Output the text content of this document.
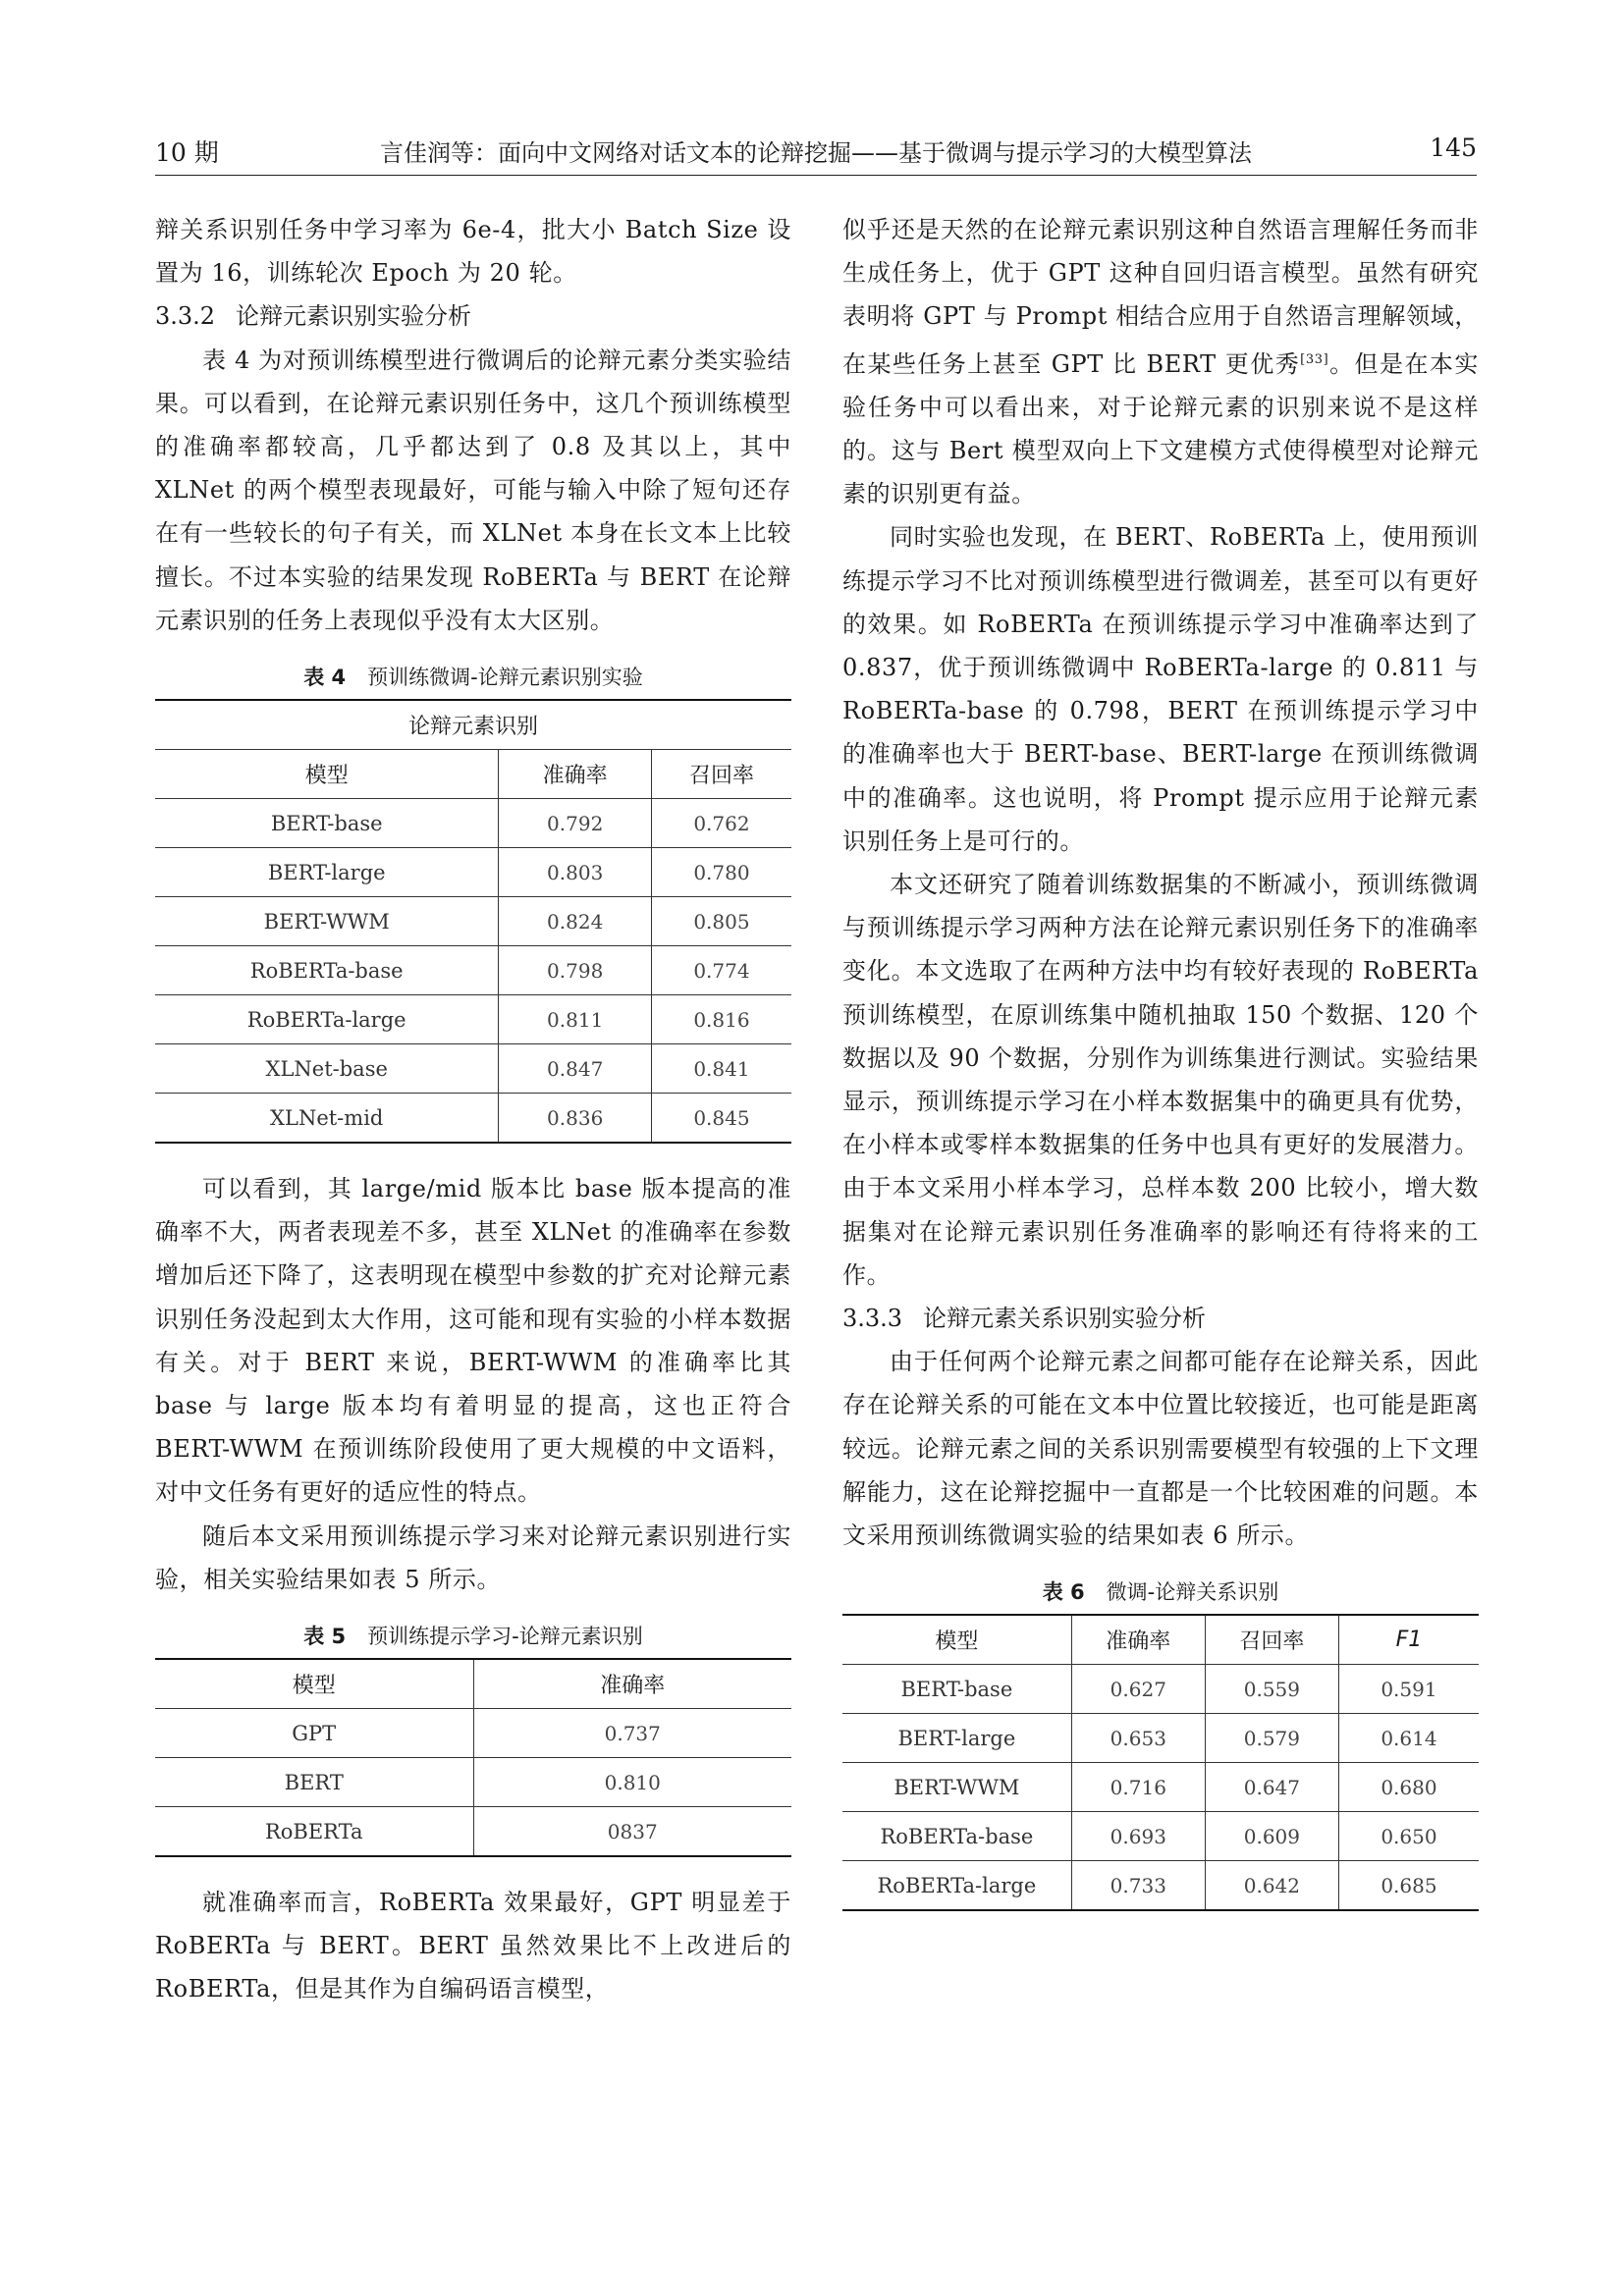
10 期	言佳润等：面向中文网络对话文本的论辩挖掘——基于微调与提示学习的大模型算法	145

辩关系识别任务中学习率为 6e-4，批大小 Batch Size 设置为 16，训练轮次 Epoch 为 20 轮。

3.3.2 论辩元素识别实验分析

表 4 为对预训练模型进行微调后的论辩元素分类实验结果。可以看到，在论辩元素识别任务中，这几个预训练模型的准确率都较高，几乎都达到了 0.8 及其以上，其中 XLNet 的两个模型表现最好，可能与输入中除了短句还存在有一些较长的句子有关，而 XLNet 本身在长文本上比较擅长。不过本实验的结果发现 RoBERTa 与 BERT 在论辩元素识别的任务上表现似乎没有太大区别。

表 4 预训练微调-论辩元素识别实验
论辩元素识别		
模型	准确率	召回率
BERT-base	0.792	0.762
BERT-large	0.803	0.780
BERT-WWM	0.824	0.805
RoBERTa-base	0.798	0.774
RoBERTa-large	0.811	0.816
XLNet-base	0.847	0.841
XLNet-mid	0.836	0.845

可以看到，其 large/mid 版本比 base 版本提高的准确率不大，两者表现差不多，甚至 XLNet 的准确率在参数增加后还下降了，这表明现在模型中参数的扩充对论辩元素识别任务没起到太大作用，这可能和现有实验的小样本数据有关。对于 BERT 来说，BERT-WWM 的准确率比其 base 与 large 版本均有着明显的提高，这也正符合 BERT-WWM 在预训练阶段使用了更大规模的中文语料，对中文任务有更好的适应性的特点。

随后本文采用预训练提示学习来对论辩元素识别进行实验，相关实验结果如表 5 所示。

表 5 预训练提示学习-论辩元素识别
模型	准确率
GPT	0.737
BERT	0.810
RoBERTa	0837

就准确率而言，RoBERTa 效果最好，GPT 明显差于 RoBERTa 与 BERT。BERT 虽然效果比不上改进后的 RoBERTa，但是其作为自编码语言模型，

似乎还是天然的在论辩元素识别这种自然语言理解任务而非生成任务上，优于 GPT 这种自回归语言模型。虽然有研究表明将 GPT 与 Prompt 相结合应用于自然语言理解领域，在某些任务上甚至 GPT 比 BERT 更优秀[33]。但是在本实验任务中可以看出来，对于论辩元素的识别来说不是这样的。这与 Bert 模型双向上下文建模方式使得模型对论辩元素的识别更有益。

同时实验也发现，在 BERT、RoBERTa 上，使用预训练提示学习不比对预训练模型进行微调差，甚至可以有更好的效果。如 RoBERTa 在预训练提示学习中准确率达到了 0.837，优于预训练微调中 RoBERTa-large 的 0.811 与 RoBERTa-base 的 0.798，BERT 在预训练提示学习中的准确率也大于 BERT-base、BERT-large 在预训练微调中的准确率。这也说明，将 Prompt 提示应用于论辩元素识别任务上是可行的。

本文还研究了随着训练数据集的不断减小，预训练微调与预训练提示学习两种方法在论辩元素识别任务下的准确率变化。本文选取了在两种方法中均有较好表现的 RoBERTa 预训练模型，在原训练集中随机抽取 150 个数据、120 个数据以及 90 个数据，分别作为训练集进行测试。实验结果显示，预训练提示学习在小样本数据集中的确更具有优势，在小样本或零样本数据集的任务中也具有更好的发展潜力。由于本文采用小样本学习，总样本数 200 比较小，增大数据集对在论辩元素识别任务准确率的影响还有待将来的工作。

3.3.3 论辩元素关系识别实验分析

由于任何两个论辩元素之间都可能存在论辩关系，因此存在论辩关系的可能在文本中位置比较接近，也可能是距离较远。论辩元素之间的关系识别需要模型有较强的上下文理解能力，这在论辩挖掘中一直都是一个比较困难的问题。本文采用预训练微调实验的结果如表 6 所示。

表 6 微调-论辩关系识别
模型	准确率	召回率	F1
BERT-base	0.627	0.559	0.591
BERT-large	0.653	0.579	0.614
BERT-WWM	0.716	0.647	0.680
RoBERTa-base	0.693	0.609	0.650
RoBERTa-large	0.733	0.642	0.685
